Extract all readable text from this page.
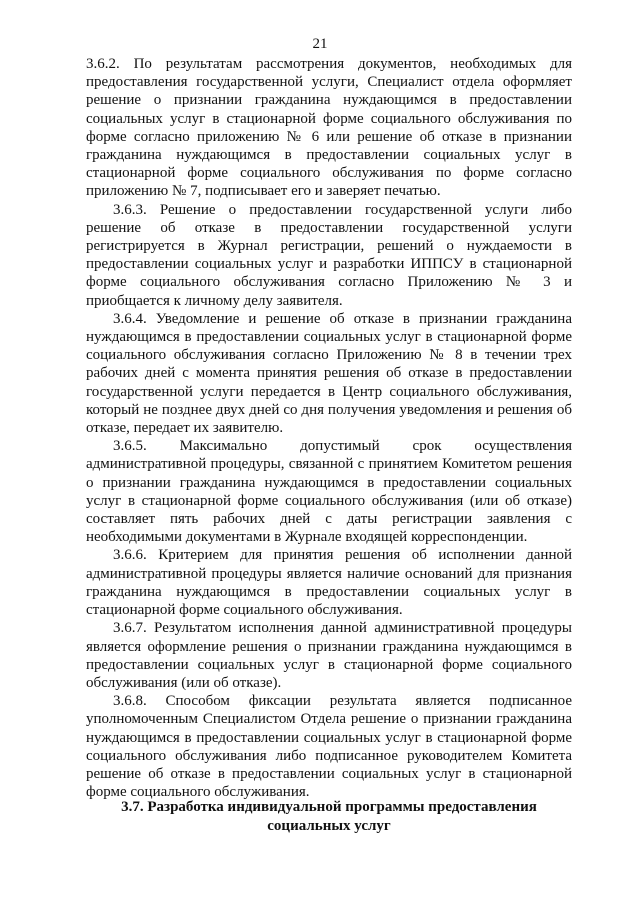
21

3.6.2. По результатам рассмотрения документов, необходимых для предоставления государственной услуги, Специалист отдела оформляет решение о признании гражданина нуждающимся в предоставлении социальных услуг в стационарной форме социального обслуживания по форме согласно приложению № 6 или решение об отказе в признании гражданина нуждающимся в предоставлении социальных услуг в стационарной форме социального обслуживания по форме согласно приложению № 7, подписывает его и заверяет печатью.

3.6.3. Решение о предоставлении государственной услуги либо решение об отказе в предоставлении государственной услуги регистрируется в Журнал регистрации, решений о нуждаемости в предоставлении социальных услуг и разработки ИППСУ в стационарной форме социального обслуживания согласно Приложению № 3 и приобщается к личному делу заявителя.

3.6.4. Уведомление и решение об отказе в признании гражданина нуждающимся в предоставлении социальных услуг в стационарной форме социального обслуживания согласно Приложению № 8 в течении трех рабочих дней с момента принятия решения об отказе в предоставлении государственной услуги передается в Центр социального обслуживания, который не позднее двух дней со дня получения уведомления и решения об отказе, передает их заявителю.

3.6.5. Максимально допустимый срок осуществления административной процедуры, связанной с принятием Комитетом решения о признании гражданина нуждающимся в предоставлении социальных услуг в стационарной форме социального обслуживания (или об отказе) составляет пять рабочих дней с даты регистрации заявления с необходимыми документами в Журнале входящей корреспонденции.

3.6.6. Критерием для принятия решения об исполнении данной административной процедуры является наличие оснований для признания гражданина нуждающимся в предоставлении социальных услуг в стационарной форме социального обслуживания.

3.6.7. Результатом исполнения данной административной процедуры является оформление решения о признании гражданина нуждающимся в предоставлении социальных услуг в стационарной форме социального обслуживания (или об отказе).

3.6.8. Способом фиксации результата является подписанное уполномоченным Специалистом Отдела решение о признании гражданина нуждающимся в предоставлении социальных услуг в стационарной форме социального обслуживания либо подписанное руководителем Комитета решение об отказе в предоставлении социальных услуг в стационарной форме социального обслуживания.

3.7. Разработка индивидуальной программы предоставления социальных услуг
